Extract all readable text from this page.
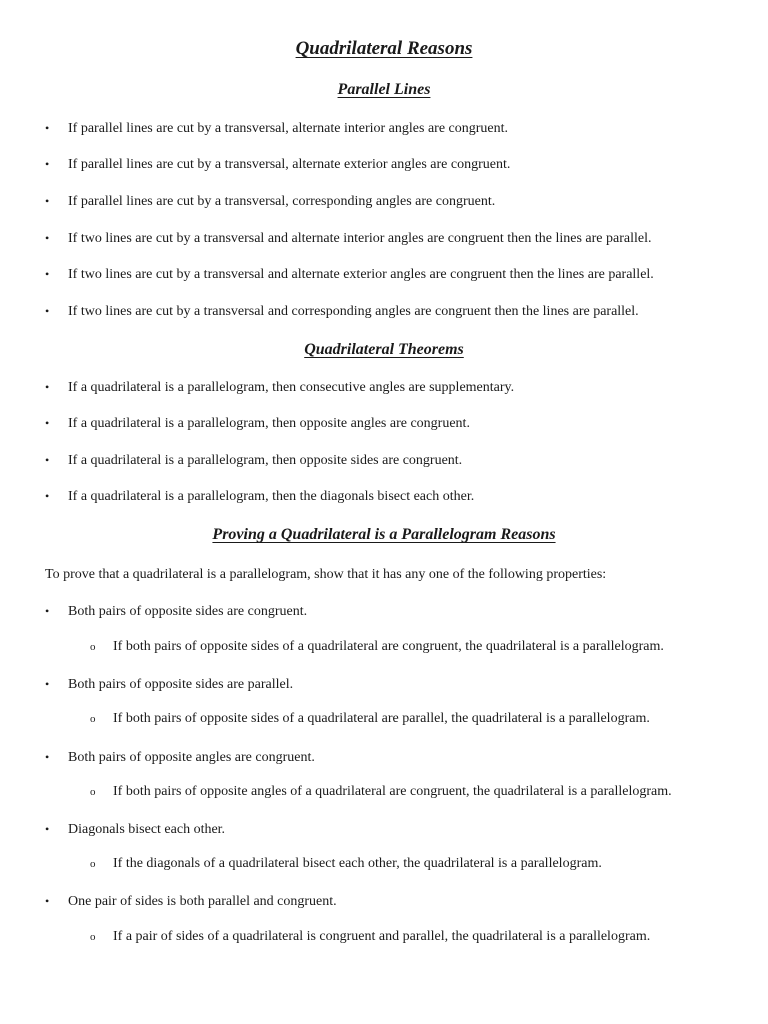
Quadrilateral Reasons
Parallel Lines
• If parallel lines are cut by a transversal, alternate interior angles are congruent.
• If parallel lines are cut by a transversal, alternate exterior angles are congruent.
• If parallel lines are cut by a transversal, corresponding angles are congruent.
• If two lines are cut by a transversal and alternate interior angles are congruent then the lines are parallel.
• If two lines are cut by a transversal and alternate exterior angles are congruent then the lines are parallel.
• If two lines are cut by a transversal and corresponding angles are congruent then the lines are parallel.
Quadrilateral Theorems
• If a quadrilateral is a parallelogram, then consecutive angles are supplementary.
• If a quadrilateral is a parallelogram, then opposite angles are congruent.
• If a quadrilateral is a parallelogram, then opposite sides are congruent.
• If a quadrilateral is a parallelogram, then the diagonals bisect each other.
Proving a Quadrilateral is a Parallelogram Reasons
To prove that a quadrilateral is a parallelogram, show that it has any one of the following properties:
• Both pairs of opposite sides are congruent.
o If both pairs of opposite sides of a quadrilateral are congruent, the quadrilateral is a parallelogram.
• Both pairs of opposite sides are parallel.
o If both pairs of opposite sides of a quadrilateral are parallel, the quadrilateral is a parallelogram.
• Both pairs of opposite angles are congruent.
o If both pairs of opposite angles of a quadrilateral are congruent, the quadrilateral is a parallelogram.
• Diagonals bisect each other.
o If the diagonals of a quadrilateral bisect each other, the quadrilateral is a parallelogram.
• One pair of sides is both parallel and congruent.
o If a pair of sides of a quadrilateral is congruent and parallel, the quadrilateral is a parallelogram.
